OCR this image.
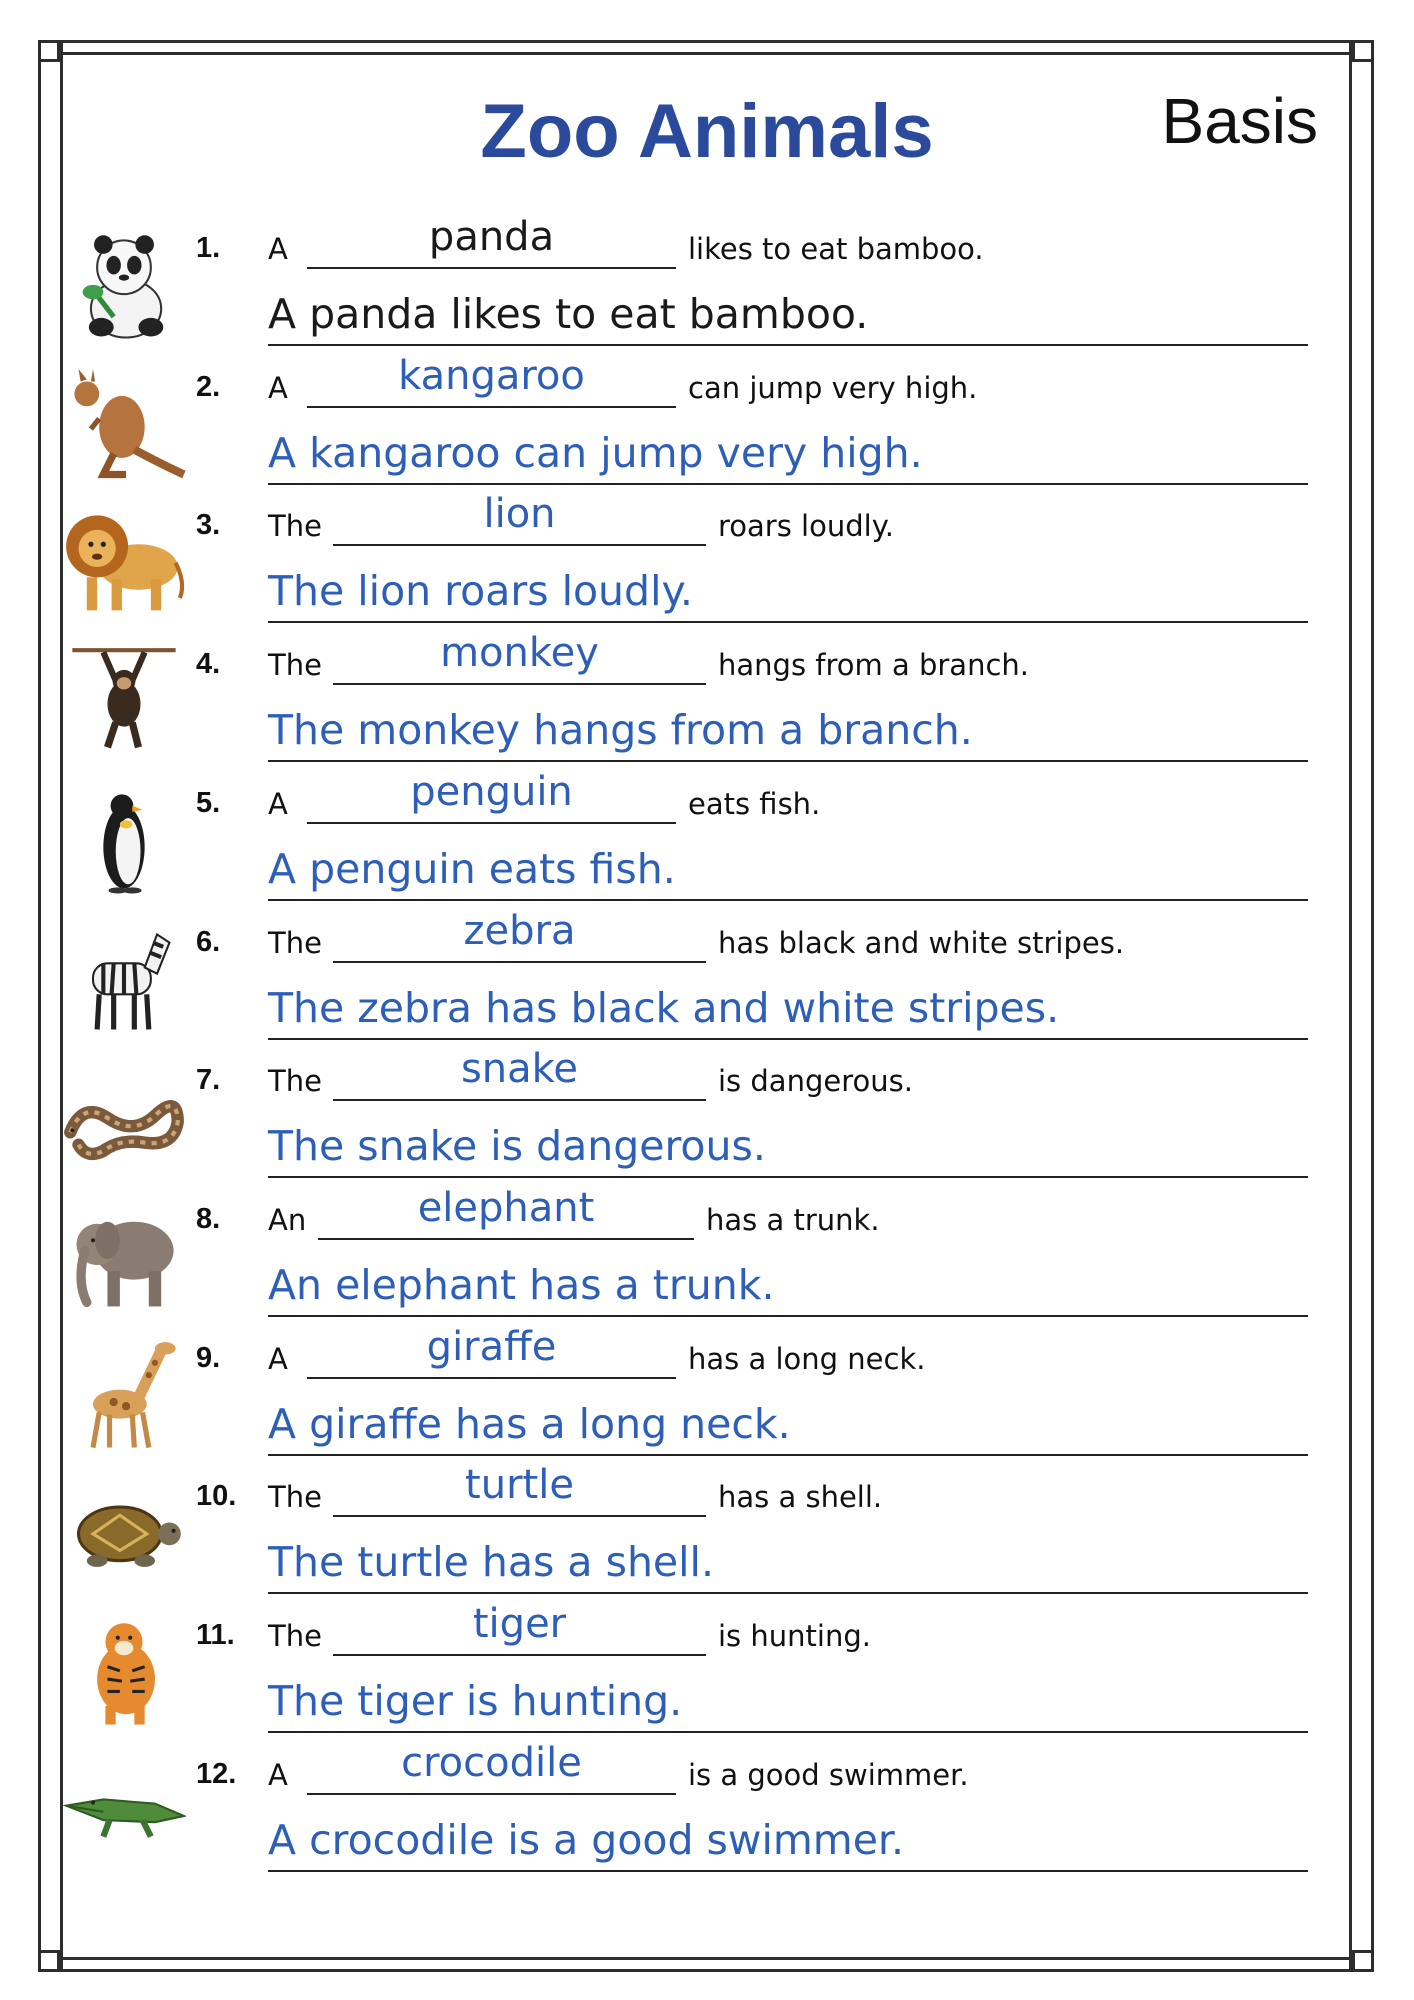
Zoo Animals	Basis
1. A	panda	likes to eat bamboo.
A panda likes to eat bamboo.
2. A	kangaroo	can jump very high.
A kangaroo can jump very high.
3. The	lion	roars loudly.
The lion roars loudly.
4. The	monkey	hangs from a branch.
The monkey hangs from a branch.
5. A	penguin	eats fish.
A penguin eats fish.
6. The	zebra	has black and white stripes.
The zebra has black and white stripes.
7. The	snake	is dangerous.
The snake is dangerous.
8. An	elephant	has a trunk.
An elephant has a trunk.
9. A	giraffe	has a long neck.
A giraffe has a long neck.
10. The	turtle	has a shell.
The turtle has a shell.
11. The	tiger	is hunting.
The tiger is hunting.
12. A	crocodile	is a good swimmer.
A crocodile is a good swimmer.
